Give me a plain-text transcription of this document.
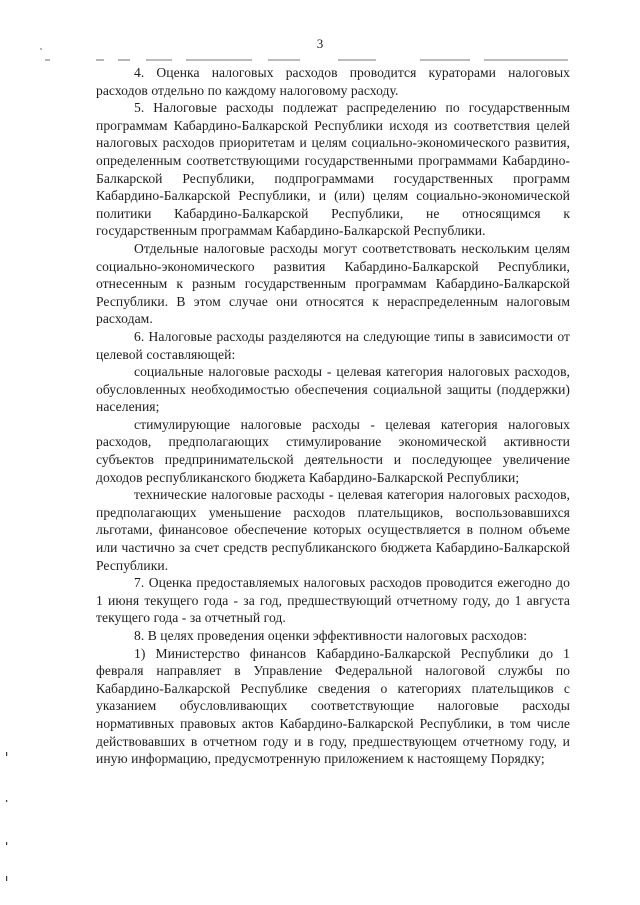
3

4. Оценка налоговых расходов проводится кураторами налоговых расходов отдельно по каждому налоговому расходу.

5. Налоговые расходы подлежат распределению по государственным программам Кабардино-Балкарской Республики исходя из соответствия целей налоговых расходов приоритетам и целям социально-экономического развития, определенным соответствующими государственными программами Кабардино-Балкарской Республики, подпрограммами государственных программ Кабардино-Балкарской Республики, и (или) целям социально-экономической политики Кабардино-Балкарской Республики, не относящимся к государственным программам Кабардино-Балкарской Республики.

Отдельные налоговые расходы могут соответствовать нескольким целям социально-экономического развития Кабардино-Балкарской Республики, отнесенным к разным государственным программам Кабардино-Балкарской Республики. В этом случае они относятся к нераспределенным налоговым расходам.

6. Налоговые расходы разделяются на следующие типы в зависимости от целевой составляющей:

социальные налоговые расходы - целевая категория налоговых расходов, обусловленных необходимостью обеспечения социальной защиты (поддержки) населения;

стимулирующие налоговые расходы - целевая категория налоговых расходов, предполагающих стимулирование экономической активности субъектов предпринимательской деятельности и последующее увеличение доходов республиканского бюджета Кабардино-Балкарской Республики;

технические налоговые расходы - целевая категория налоговых расходов, предполагающих уменьшение расходов плательщиков, воспользовавшихся льготами, финансовое обеспечение которых осуществляется в полном объеме или частично за счет средств республиканского бюджета Кабардино-Балкарской Республики.

7. Оценка предоставляемых налоговых расходов проводится ежегодно до 1 июня текущего года - за год, предшествующий отчетному году, до 1 августа текущего года - за отчетный год.

8. В целях проведения оценки эффективности налоговых расходов:

1) Министерство финансов Кабардино-Балкарской Республики до 1 февраля направляет в Управление Федеральной налоговой службы по Кабардино-Балкарской Республике сведения о категориях плательщиков с указанием обусловливающих соответствующие налоговые расходы нормативных правовых актов Кабардино-Балкарской Республики, в том числе действовавших в отчетном году и в году, предшествующем отчетному году, и иную информацию, предусмотренную приложением к настоящему Порядку;
